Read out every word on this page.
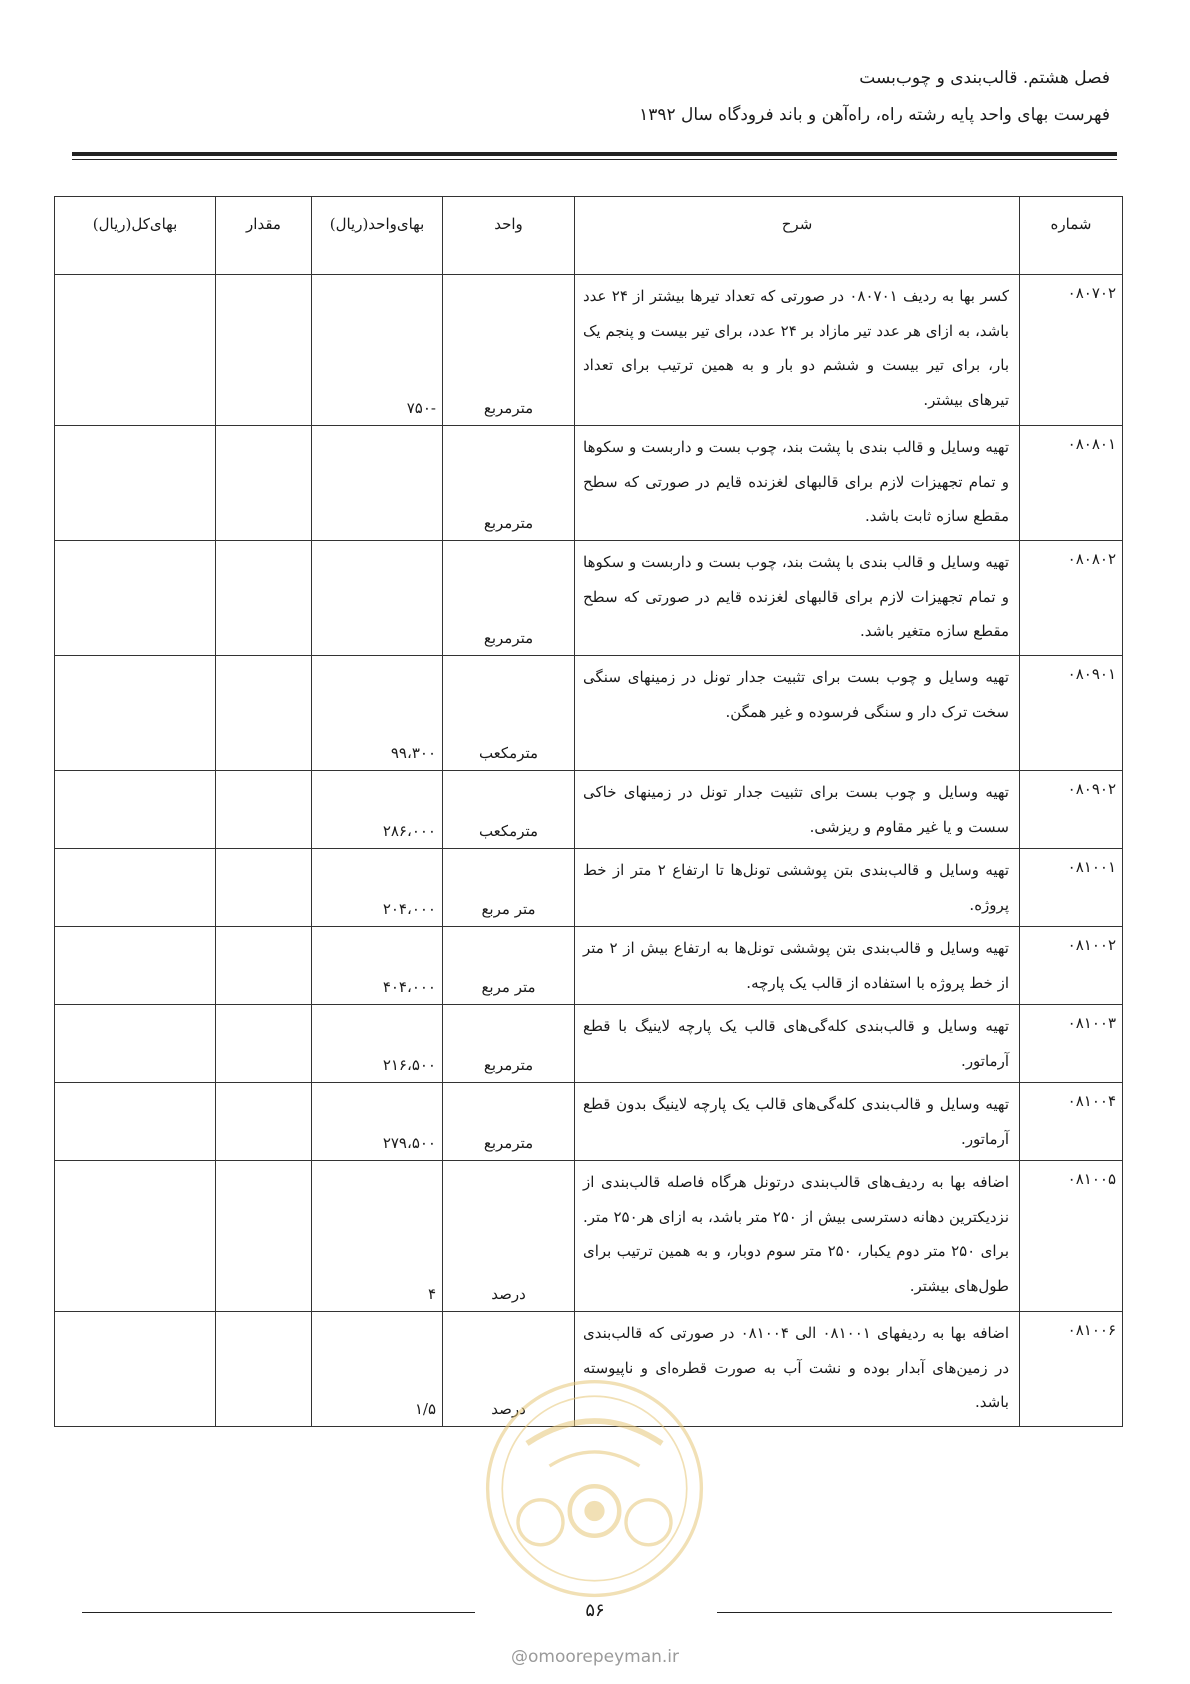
فصل هشتم. قالب‌بندی و چوب‌بست
فهرست بهای واحد پایه رشته راه، راه‌آهن و باند فرودگاه سال ۱۳۹۲
شماره	شرح	واحد	بهای‌واحد(ریال)	مقدار	بهای‌کل(ریال)
۰۸۰۷۰۲	کسر بها به ردیف ۰۸۰۷۰۱ در صورتی که تعداد تیرها بیشتر از ۲۴ عدد باشد، به ازای هر عدد تیر مازاد بر ۲۴ عدد، برای تیر بیست و پنجم یک بار، برای تیر بیست و ششم دو بار و به همین ترتیب برای تعداد تیرهای بیشتر.	مترمربع	-۷۵۰		
۰۸۰۸۰۱	تهیه وسایل و قالب بندی با پشت بند، چوب بست و داربست و سکوها و تمام تجهیزات لازم برای قالبهای لغزنده قایم در صورتی که سطح مقطع سازه ثابت باشد.	مترمربع			
۰۸۰۸۰۲	تهیه وسایل و قالب بندی با پشت بند، چوب بست و داربست و سکوها و تمام تجهیزات لازم برای قالبهای لغزنده قایم در صورتی که سطح مقطع سازه متغیر باشد.	مترمربع			
۰۸۰۹۰۱	تهیه وسایل و چوب بست برای تثبیت جدار تونل در زمینهای سنگی سخت ترک دار و سنگی فرسوده و غیر همگن.	مترمکعب	۹۹،۳۰۰		
۰۸۰۹۰۲	تهیه وسایل و چوب بست برای تثبیت جدار تونل در زمینهای خاکی سست و یا غیر مقاوم و ریزشی.	مترمکعب	۲۸۶،۰۰۰		
۰۸۱۰۰۱	تهیه وسایل و قالب‌بندی بتن پوششی تونل‌ها تا ارتفاع ۲ متر از خط پروژه.	متر مربع	۲۰۴،۰۰۰		
۰۸۱۰۰۲	تهیه وسایل و قالب‌بندی بتن پوششی تونل‌ها به ارتفاع بیش از ۲ متر از خط پروژه با استفاده از قالب یک پارچه.	متر مربع	۴۰۴،۰۰۰		
۰۸۱۰۰۳	تهیه وسایل و قالب‌بندی کله‌گی‌های قالب یک پارچه لاینیگ با قطع آرماتور.	مترمربع	۲۱۶،۵۰۰		
۰۸۱۰۰۴	تهیه وسایل و قالب‌بندی کله‌گی‌های قالب یک پارچه لاینیگ بدون قطع آرماتور.	مترمربع	۲۷۹،۵۰۰		
۰۸۱۰۰۵	اضافه بها به ردیف‌های قالب‌بندی درتونل هرگاه فاصله قالب‌بندی از نزدیکترین دهانه دسترسی بیش از ۲۵۰ متر باشد، به ازای هر۲۵۰ متر. برای ۲۵۰ متر دوم یکبار، ۲۵۰ متر سوم دوبار، و به همین ترتیب برای طول‌های بیشتر.	درصد	۴		
۰۸۱۰۰۶	اضافه بها به ردیفهای ۰۸۱۰۰۱ الی ۰۸۱۰۰۴ در صورتی که قالب‌بندی در زمین‌های آبدار بوده و نشت آب به صورت قطره‌ای و ناپیوسته باشد.	درصد	۱/۵		
۵۶
@omoorepeyman.ir
